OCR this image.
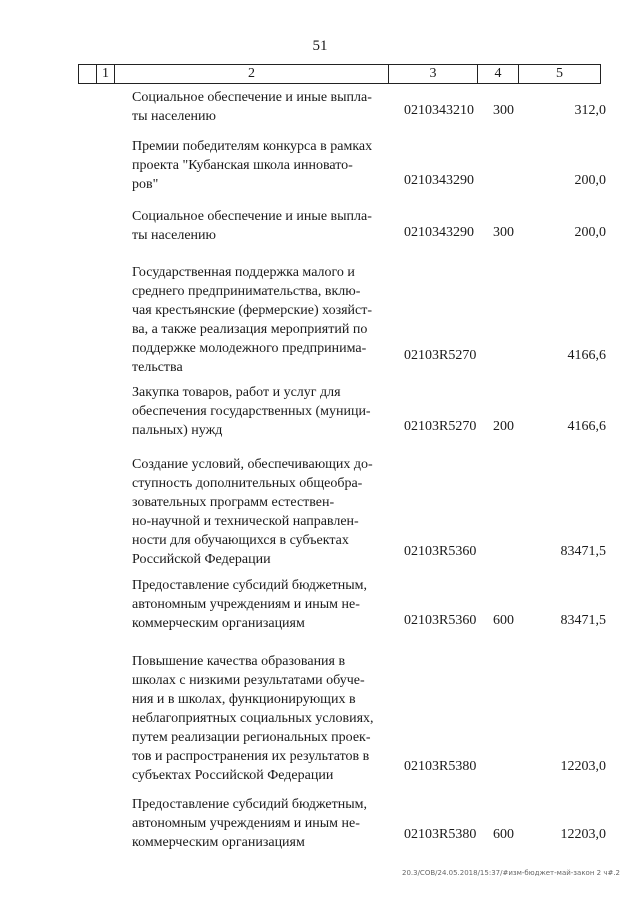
51
	1	2	3	4	5
Социальное обеспечение и иные выпла-
ты населению	0210343210 300	312,0
Премии победителям конкурса в рамках
проекта "Кубанская школа инновато-
ров"	0210343290	200,0
Социальное обеспечение и иные выпла-
ты населению	0210343290 300	200,0
Государственная поддержка малого и
среднего предпринимательства, вклю-
чая крестьянские (фермерские) хозяйст-
ва, а также реализация мероприятий по
поддержке молодежного предпринима-
тельства
02103R5270	4166,6
Закупка товаров, работ и услуг для
обеспечения государственных (муници-
пальных) нужд	02103R5270 200	4166,6
Создание условий, обеспечивающих до-
ступность дополнительных общеобра-
зовательных программ естествен-
но-научной и технической направлен-
ности для обучающихся в субъектах
Российской Федерации
02103R5360	83471,5
Предоставление субсидий бюджетным,
автономным учреждениям и иным не-
коммерческим организациям	02103R5360 600	83471,5
Повышение качества образования в
школах с низкими результатами обуче-
ния и в школах, функционирующих в
неблагоприятных социальных условиях,
путем реализации региональных проек-
тов и распространения их результатов в
субъектах Российской Федерации
02103R5380	12203,0
Предоставление субсидий бюджетным,
автономным учреждениям и иным не-
коммерческим организациям
02103R5380 600	12203,0
20.3/COB/24.05.2018/15:37/#изм-бюджет-май-закон 2 ч#.2
